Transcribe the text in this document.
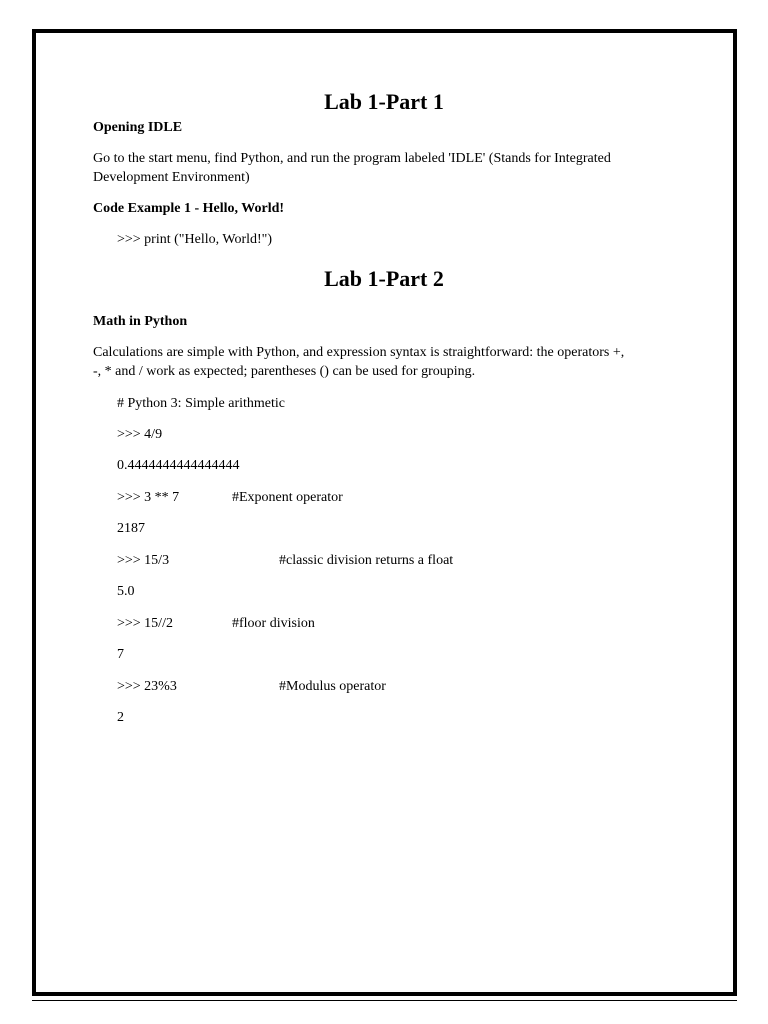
Lab 1-Part 1
Opening IDLE
Go to the start menu, find Python, and run the program labeled 'IDLE' (Stands for Integrated
Development Environment)
Code Example 1 - Hello, World!
>>> print ("Hello, World!")
Lab 1-Part 2
Math in Python
Calculations are simple with Python, and expression syntax is straightforward: the operators +,
-, * and / work as expected; parentheses () can be used for grouping.
# Python 3: Simple arithmetic
>>> 4/9
0.4444444444444444
>>> 3 ** 7	#Exponent operator
2187
>>> 15/3	#classic division returns a float
5.0
>>> 15//2	#floor division
7
>>> 23%3	#Modulus operator
2
